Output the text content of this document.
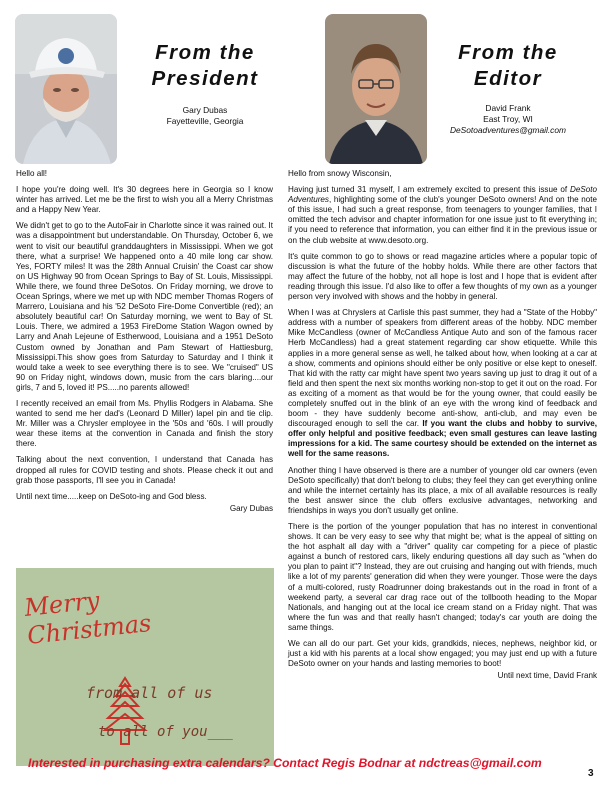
From the
President
Gary Dubas
Fayetteville, Georgia
From the
Editor
David Frank
East Troy, WI
DeSotoadventures@gmail.com

Hello all!

I hope you're doing well. It's 30 degrees here in Georgia so I know winter has arrived. Let me be the first to wish you all a Merry Christmas and a Happy New Year.

We didn't get to go to the AutoFair in Charlotte since it was rained out. It was a disappointment but understandable. On Thursday, October 6, we went to visit our beautiful granddaughters in Mississippi. When we got there, what a surprise! We happened onto a 40 mile long car show. Yes, FORTY miles! It was the 28th Annual Cruisin' the Coast car show on US Highway 90 from Ocean Springs to Bay of St. Louis, Mississippi. While there, we found three DeSotos. On Friday morning, we drove to Ocean Springs, where we met up with NDC member Thomas Rogers of Marrero, Louisiana and his '52 DeSoto Fire-Dome Convertible (red); an absolutely beautiful car! On Saturday morning, we went to Bay of St. Louis. There, we admired a 1953 FireDome Station Wagon owned by Larry and Anah Lejeune of Estherwood, Louisiana and a 1951 DeSoto Custom owned by Jonathan and Pam Stewart of Hattiesburg, Mississippi.This show goes from Saturday to Saturday and I think it would take a week to see everything there is to see. We "cruised" US 90 on Friday night, windows down, music from the cars blaring....our girls, 7 and 5, loved it! PS.....no parents allowed!

I recently received an email from Ms. Phyllis Rodgers in Alabama. She wanted to send me her dad's (Leonard D Miller) lapel pin and tie clip. Mr. Miller was a Chrysler employee in the '50s and '60s. I will proudly wear these items at the convention in Canada and finish the story there.

Talking about the next convention, I understand that Canada has dropped all rules for COVID testing and shots. Please check it out and grab those passports, I'll see you in Canada!

Until next time.....keep on DeSoto-ing and God bless.

Gary Dubas
Merry Christmas
from all of us
to all of you___

Hello from snowy Wisconsin,

Having just turned 31 myself, I am extremely excited to present this issue of DeSoto Adventures, highlighting some of the club's younger DeSoto owners! And on the note of this issue, I had such a great response, from teenagers to younger families, that I omitted the tech advisor and chapter information for one issue just to fit everything in; if you need to reference that information, you can either find it in the previous issue or on the club website at www.desoto.org.

It's quite common to go to shows or read magazine articles where a popular topic of discussion is what the future of the hobby holds. While there are other factors that may affect the future of the hobby, not all hope is lost and I hope that is evident after reading through this issue. I'd also like to offer a few thoughts of my own as a younger person very involved with shows and the hobby in general.

When I was at Chryslers at Carlisle this past summer, they had a "State of the Hobby" address with a number of speakers from different areas of the hobby. NDC member Mike McCandless (owner of McCandless Antique Auto and son of the famous racer Herb McCandless) had a great statement regarding car show etiquette. While this applies in a more general sense as well, he talked about how, when looking at a car at a show, comments and opinions should either be only positive or else kept to oneself. That kid with the ratty car might have spent two years saving up just to drag it out of a field and then spent the next six months working non-stop to get it out on the road. For as exciting of a moment as that would be for the young owner, that could easily be completely snuffed out in the blink of an eye with the wrong kind of feedback and boom - they have suddenly become anti-show, anti-club, and may even be discouraged enough to sell the car. If you want the clubs and hobby to survive, offer only helpful and positive feedback; even small gestures can leave lasting impressions for a kid. The same courtesy should be extended on the internet as well for the same reasons.

Another thing I have observed is there are a number of younger old car owners (even DeSoto specifically) that don't belong to clubs; they feel they can get everything online and while the internet certainly has its place, a mix of all available resources is really the best answer since the club offers exclusive advantages, networking and friendships in ways you don't usually get online.

There is the portion of the younger population that has no interest in conventional shows. It can be very easy to see why that might be; what is the appeal of sitting on the hot asphalt all day with a "driver" quality car competing for a piece of plastic against a bunch of restored cars, likely enduring questions all day such as "when do you plan to paint it"? Instead, they are out cruising and hanging out with friends, much like a lot of my parents' generation did when they were younger. Those were the days of a multi-colored, rusty Roadrunner doing brakestands out in the road in front of a weekend party, a several car drag race out of the tollbooth heading to the Mopar Nationals, and hanging out at the local ice cream stand on a Friday night. That was where the fun was and that really hasn't changed; today's car youth are doing the same things.

We can all do our part. Get your kids, grandkids, nieces, nephews, neighbor kid, or just a kid with his parents at a local show engaged; you may just end up with a future DeSoto owner on your hands and lasting memories to boot!

Until next time, David Frank
Interested in purchasing extra calendars? Contact Regis Bodnar at ndctreas@gmail.com
3
